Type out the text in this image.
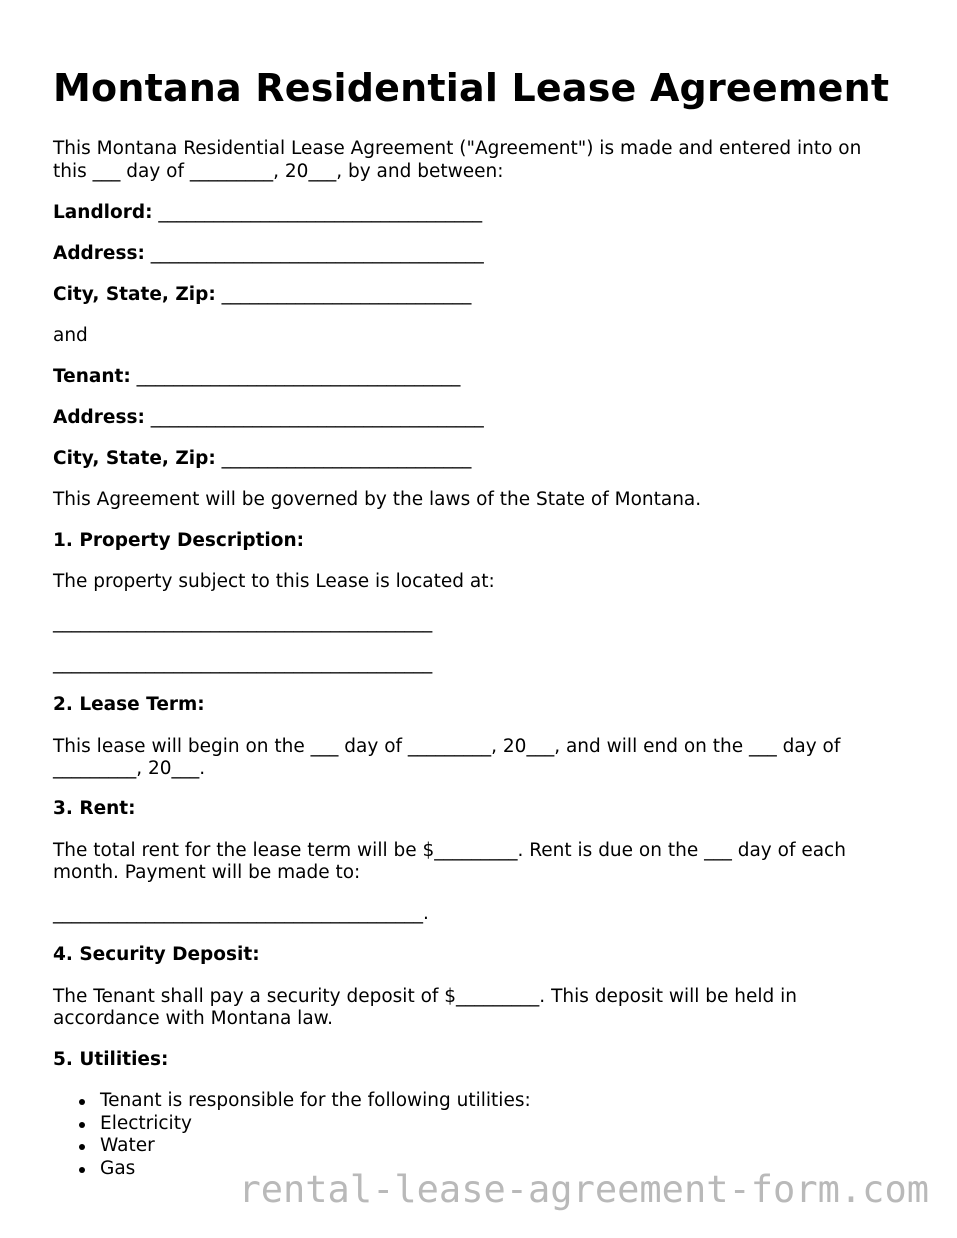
Montana Residential Lease Agreement

This Montana Residential Lease Agreement ("Agreement") is made and entered into on

this ___ day of _________, 20___, by and between:

Landlord: ___________________________________

Address: ____________________________________

City, State, Zip: ___________________________

and

Tenant: ___________________________________

Address: ____________________________________

City, State, Zip: ___________________________

This Agreement will be governed by the laws of the State of Montana.

1. Property Description:

The property subject to this Lease is located at:

_________________________________________

_________________________________________

2. Lease Term:

This lease will begin on the ___ day of _________, 20___, and will end on the ___ day of

_________, 20___.

3. Rent:

The total rent for the lease term will be $_________. Rent is due on the ___ day of each

month. Payment will be made to:

________________________________________.

4. Security Deposit:

The Tenant shall pay a security deposit of $_________. This deposit will be held in

accordance with Montana law.

5. Utilities:

Tenant is responsible for the following utilities:
Electricity
Water
Gas	rental-lease-agreement-form.com
